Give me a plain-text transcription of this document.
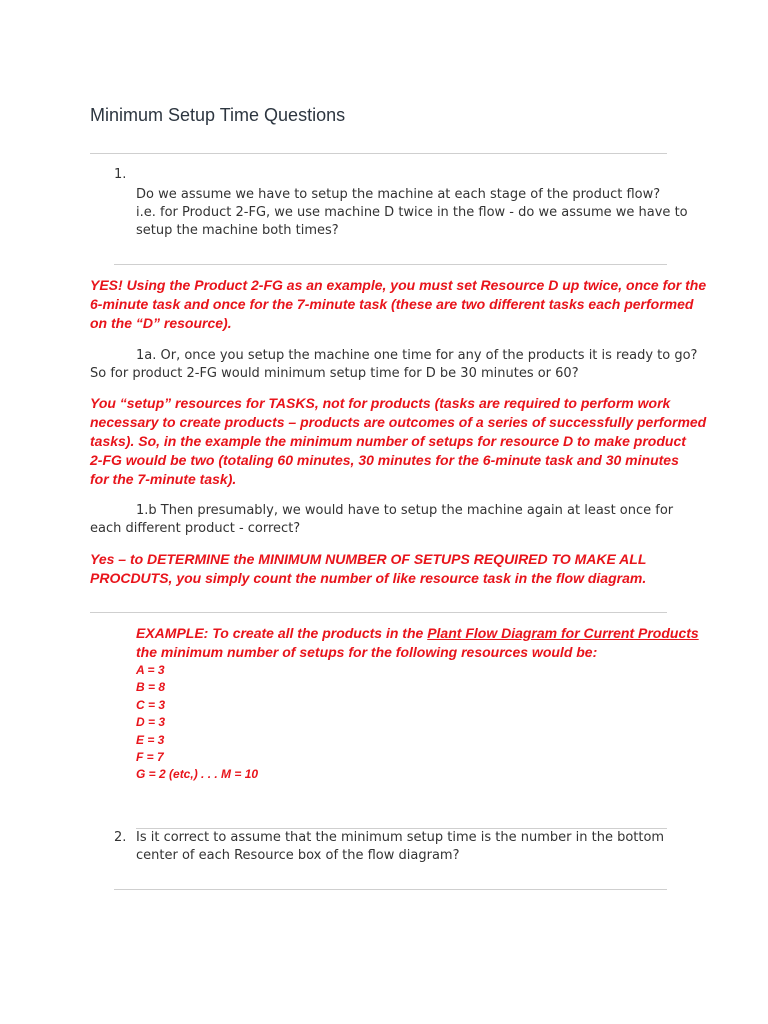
Minimum Setup Time Questions
1.
Do we assume we have to setup the machine at each stage of the product flow?
i.e. for Product 2-FG, we use machine D twice in the flow - do we assume we have to
setup the machine both times?
YES! Using the Product 2-FG as an example, you must set Resource D up twice, once for the
6-minute task and once for the 7-minute task (these are two different tasks each performed
on the “D” resource).
1a. Or, once you setup the machine one time for any of the products it is ready to go?
So for product 2-FG would minimum setup time for D be 30 minutes or 60?
You “setup” resources for TASKS, not for products (tasks are required to perform work
necessary to create products – products are outcomes of a series of successfully performed
tasks). So, in the example the minimum number of setups for resource D to make product
2-FG would be two (totaling 60 minutes, 30 minutes for the 6-minute task and 30 minutes
for the 7-minute task).
1.b Then presumably, we would have to setup the machine again at least once for
each different product - correct?
Yes – to DETERMINE the MINIMUM NUMBER OF SETUPS REQUIRED TO MAKE ALL
PROCDUTS, you simply count the number of like resource task in the flow diagram.
EXAMPLE: To create all the products in the Plant Flow Diagram for Current Products
the minimum number of setups for the following resources would be:
A = 3
B = 8
C = 3
D = 3
E = 3
F = 7
G = 2 (etc,) . . . M = 10
2. Is it correct to assume that the minimum setup time is the number in the bottom
center of each Resource box of the flow diagram?
